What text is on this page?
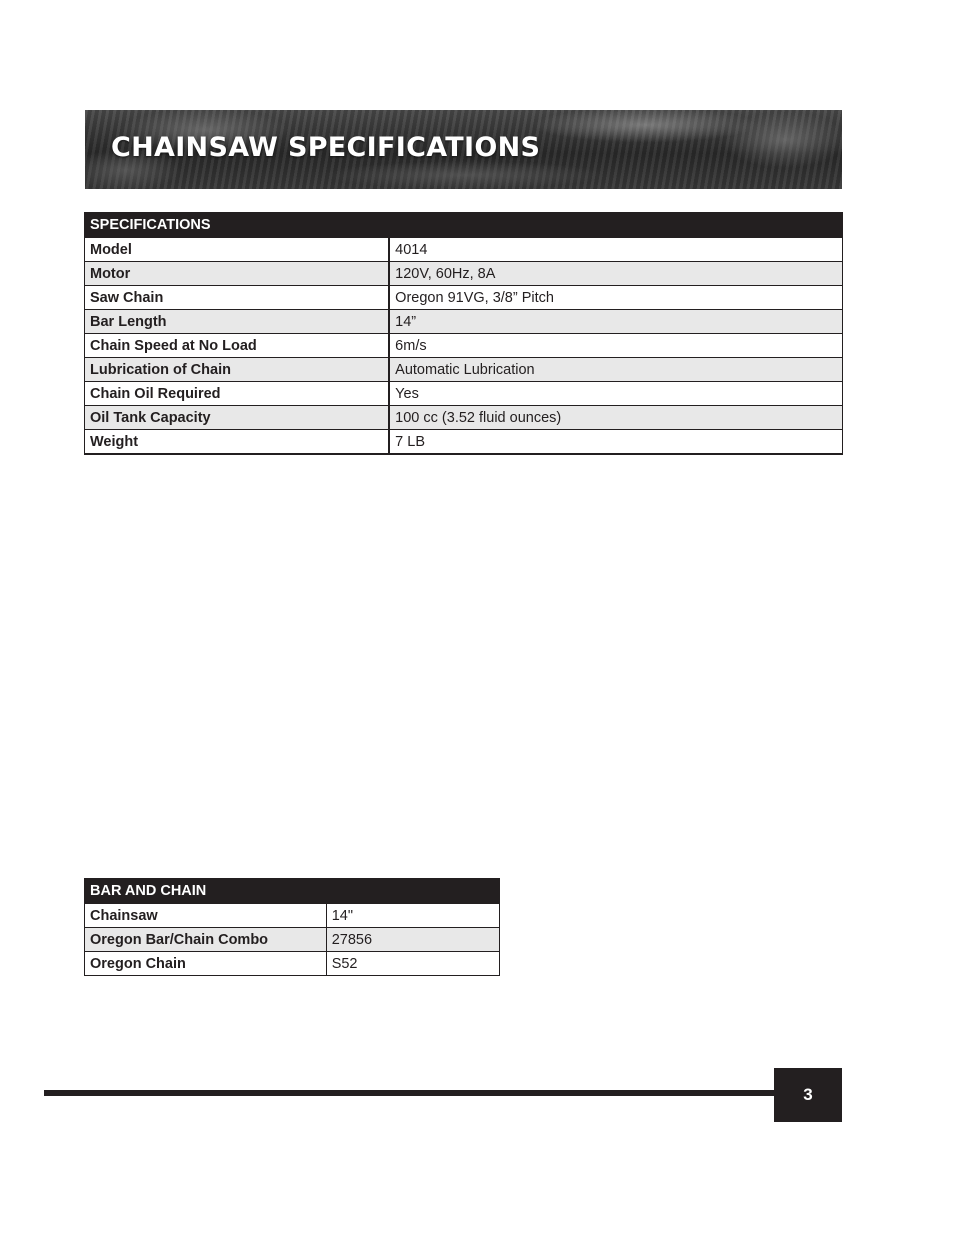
CHAINSAW SPECIFICATIONS
SPECIFICATIONS	
Model	4014
Motor	120V, 60Hz, 8A
Saw Chain	Oregon 91VG, 3/8” Pitch
Bar Length	14”
Chain Speed at No Load	6m/s
Lubrication of Chain	Automatic Lubrication
Chain Oil Required	Yes
Oil Tank Capacity	100 cc (3.52 fluid ounces)
Weight	7 LB
BAR AND CHAIN	
Chainsaw	14"
Oregon Bar/Chain Combo	27856
Oregon Chain	S52
3
